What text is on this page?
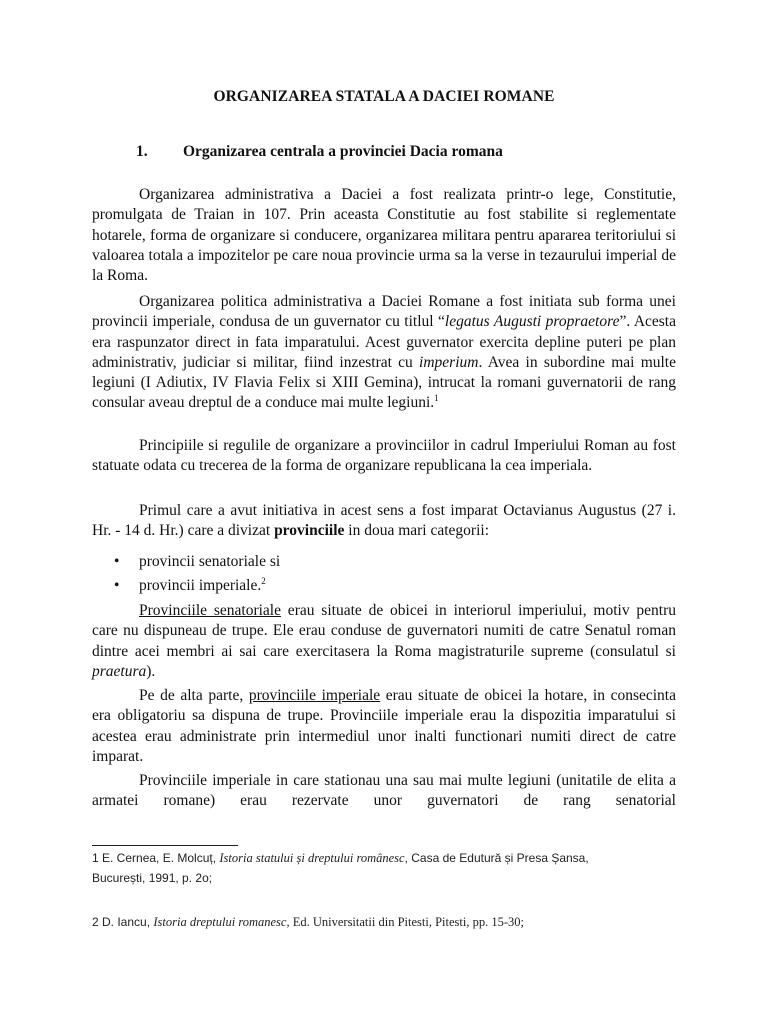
ORGANIZAREA STATALA A DACIEI ROMANE
1. Organizarea centrala a provinciei Dacia romana

Organizarea administrativa a Daciei a fost realizata printr-o lege, Constitutie, promulgata de Traian in 107. Prin aceasta Constitutie au fost stabilite si reglementate hotarele, forma de organizare si conducere, organizarea militara pentru apararea teritoriului si valoarea totala a impozitelor pe care noua provincie urma sa la verse in tezaurului imperial de la Roma.

Organizarea politica administrativa a Daciei Romane a fost initiata sub forma unei provincii imperiale, condusa de un guvernator cu titlul “legatus Augusti propraetore”. Acesta era raspunzator direct in fata imparatului. Acest guvernator exercita depline puteri pe plan administrativ, judiciar si militar, fiind inzestrat cu imperium. Avea in subordine mai multe legiuni (I Adiutix, IV Flavia Felix si XIII Gemina), intrucat la romani guvernatorii de rang consular aveau dreptul de a conduce mai multe legiuni.$^1$

Principiile si regulile de organizare a provinciilor in cadrul Imperiului Roman au fost statuate odata cu trecerea de la forma de organizare republicana la cea imperiala.

Primul care a avut initiativa in acest sens a fost imparat Octavianus Augustus (27 i. Hr. - 14 d. Hr.) care a divizat provinciile in doua mari categorii:

• provincii senatoriale si
• provincii imperiale.$^2$

Provinciile senatoriale erau situate de obicei in interiorul imperiului, motiv pentru care nu dispuneau de trupe. Ele erau conduse de guvernatori numiti de catre Senatul roman dintre acei membri ai sai care exercitasera la Roma magistraturile supreme (consulatul si praetura).

Pe de alta parte, provinciile imperiale erau situate de obicei la hotare, in consecinta era obligatoriu sa dispuna de trupe. Provinciile imperiale erau la dispozitia imparatului si acestea erau administrate prin intermediul unor inalti functionari numiti direct de catre imparat.

Provinciile imperiale in care stationau una sau mai multe legiuni (unitatile de elita a armatei romane) erau rezervate unor guvernatori de rang senatorial

1 E. Cernea, E. Molcuț, Istoria statului și dreptului românesc, Casa de Edutură și Presa Șansa, București, 1991, p. 2o;
2 D. Iancu, Istoria dreptului romanesc, Ed. Universitatii din Pitesti, Pitesti, pp. 15-30;
